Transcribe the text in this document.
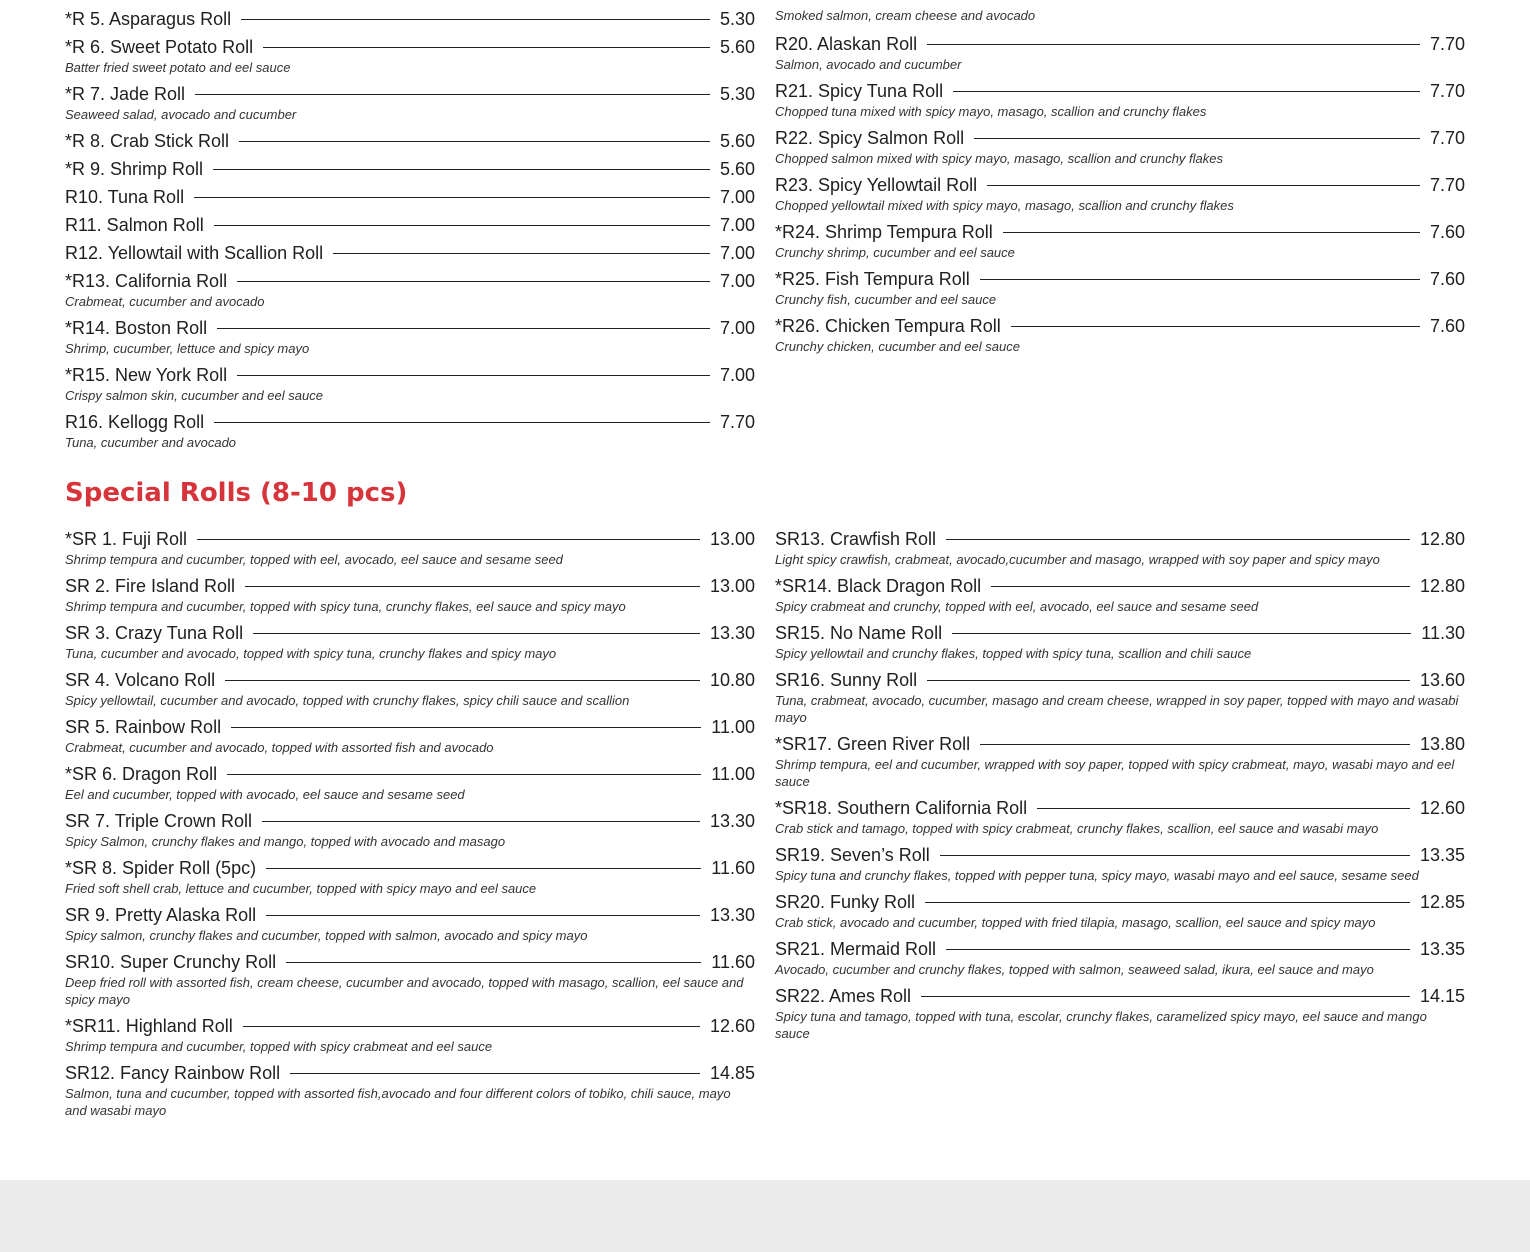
*R 5. Asparagus Roll	5.30
*R 6. Sweet Potato Roll	5.60
Batter fried sweet potato and eel sauce
*R 7. Jade Roll	5.30
Seaweed salad, avocado and cucumber
*R 8. Crab Stick Roll	5.60
*R 9. Shrimp Roll	5.60
R10. Tuna Roll	7.00
R11. Salmon Roll	7.00
R12. Yellowtail with Scallion Roll	7.00
*R13. California Roll	7.00
Crabmeat, cucumber and avocado
*R14. Boston Roll	7.00
Shrimp, cucumber, lettuce and spicy mayo
*R15. New York Roll	7.00
Crispy salmon skin, cucumber and eel sauce
R16. Kellogg Roll	7.70
Tuna, cucumber and avocado
Smoked salmon, cream cheese and avocado
R20. Alaskan Roll	7.70
Salmon, avocado and cucumber
R21. Spicy Tuna Roll	7.70
Chopped tuna mixed with spicy mayo, masago, scallion and crunchy flakes
R22. Spicy Salmon Roll	7.70
Chopped salmon mixed with spicy mayo, masago, scallion and crunchy flakes
R23. Spicy Yellowtail Roll	7.70
Chopped yellowtail mixed with spicy mayo, masago, scallion and crunchy flakes
*R24. Shrimp Tempura Roll	7.60
Crunchy shrimp, cucumber and eel sauce
*R25. Fish Tempura Roll	7.60
Crunchy fish, cucumber and eel sauce
*R26. Chicken Tempura Roll	7.60
Crunchy chicken, cucumber and eel sauce
Special Rolls (8-10 pcs)
*SR 1. Fuji Roll	13.00
Shrimp tempura and cucumber, topped with eel, avocado, eel sauce and sesame seed
SR 2. Fire Island Roll	13.00
Shrimp tempura and cucumber, topped with spicy tuna, crunchy flakes, eel sauce and spicy mayo
SR 3. Crazy Tuna Roll	13.30
Tuna, cucumber and avocado, topped with spicy tuna, crunchy flakes and spicy mayo
SR 4. Volcano Roll	10.80
Spicy yellowtail, cucumber and avocado, topped with crunchy flakes, spicy chili sauce and scallion
SR 5. Rainbow Roll	11.00
Crabmeat, cucumber and avocado, topped with assorted fish and avocado
*SR 6. Dragon Roll	11.00
Eel and cucumber, topped with avocado, eel sauce and sesame seed
SR 7. Triple Crown Roll	13.30
Spicy Salmon, crunchy flakes and mango, topped with avocado and masago
*SR 8. Spider Roll (5pc)	11.60
Fried soft shell crab, lettuce and cucumber, topped with spicy mayo and eel sauce
SR 9. Pretty Alaska Roll	13.30
Spicy salmon, crunchy flakes and cucumber, topped with salmon, avocado and spicy mayo
SR10. Super Crunchy Roll	11.60
Deep fried roll with assorted fish, cream cheese, cucumber and avocado, topped with masago, scallion, eel sauce and spicy mayo
*SR11. Highland Roll	12.60
Shrimp tempura and cucumber, topped with spicy crabmeat and eel sauce
SR12. Fancy Rainbow Roll	14.85
Salmon, tuna and cucumber, topped with assorted fish,avocado and four different colors of tobiko, chili sauce, mayo and wasabi mayo
SR13. Crawfish Roll	12.80
Light spicy crawfish, crabmeat, avocado,cucumber and masago, wrapped with soy paper and spicy mayo
*SR14. Black Dragon Roll	12.80
Spicy crabmeat and crunchy, topped with eel, avocado, eel sauce and sesame seed
SR15. No Name Roll	11.30
Spicy yellowtail and crunchy flakes, topped with spicy tuna, scallion and chili sauce
SR16. Sunny Roll	13.60
Tuna, crabmeat, avocado, cucumber, masago and cream cheese, wrapped in soy paper, topped with mayo and wasabi mayo
*SR17. Green River Roll	13.80
Shrimp tempura, eel and cucumber, wrapped with soy paper, topped with spicy crabmeat, mayo, wasabi mayo and eel sauce
*SR18. Southern California Roll	12.60
Crab stick and tamago, topped with spicy crabmeat, crunchy flakes, scallion, eel sauce and wasabi mayo
SR19. Seven’s Roll	13.35
Spicy tuna and crunchy flakes, topped with pepper tuna, spicy mayo, wasabi mayo and eel sauce, sesame seed
SR20. Funky Roll	12.85
Crab stick, avocado and cucumber, topped with fried tilapia, masago, scallion, eel sauce and spicy mayo
SR21. Mermaid Roll	13.35
Avocado, cucumber and crunchy flakes, topped with salmon, seaweed salad, ikura, eel sauce and mayo
SR22. Ames Roll	14.15
Spicy tuna and tamago, topped with tuna, escolar, crunchy flakes, caramelized spicy mayo, eel sauce and mango sauce
